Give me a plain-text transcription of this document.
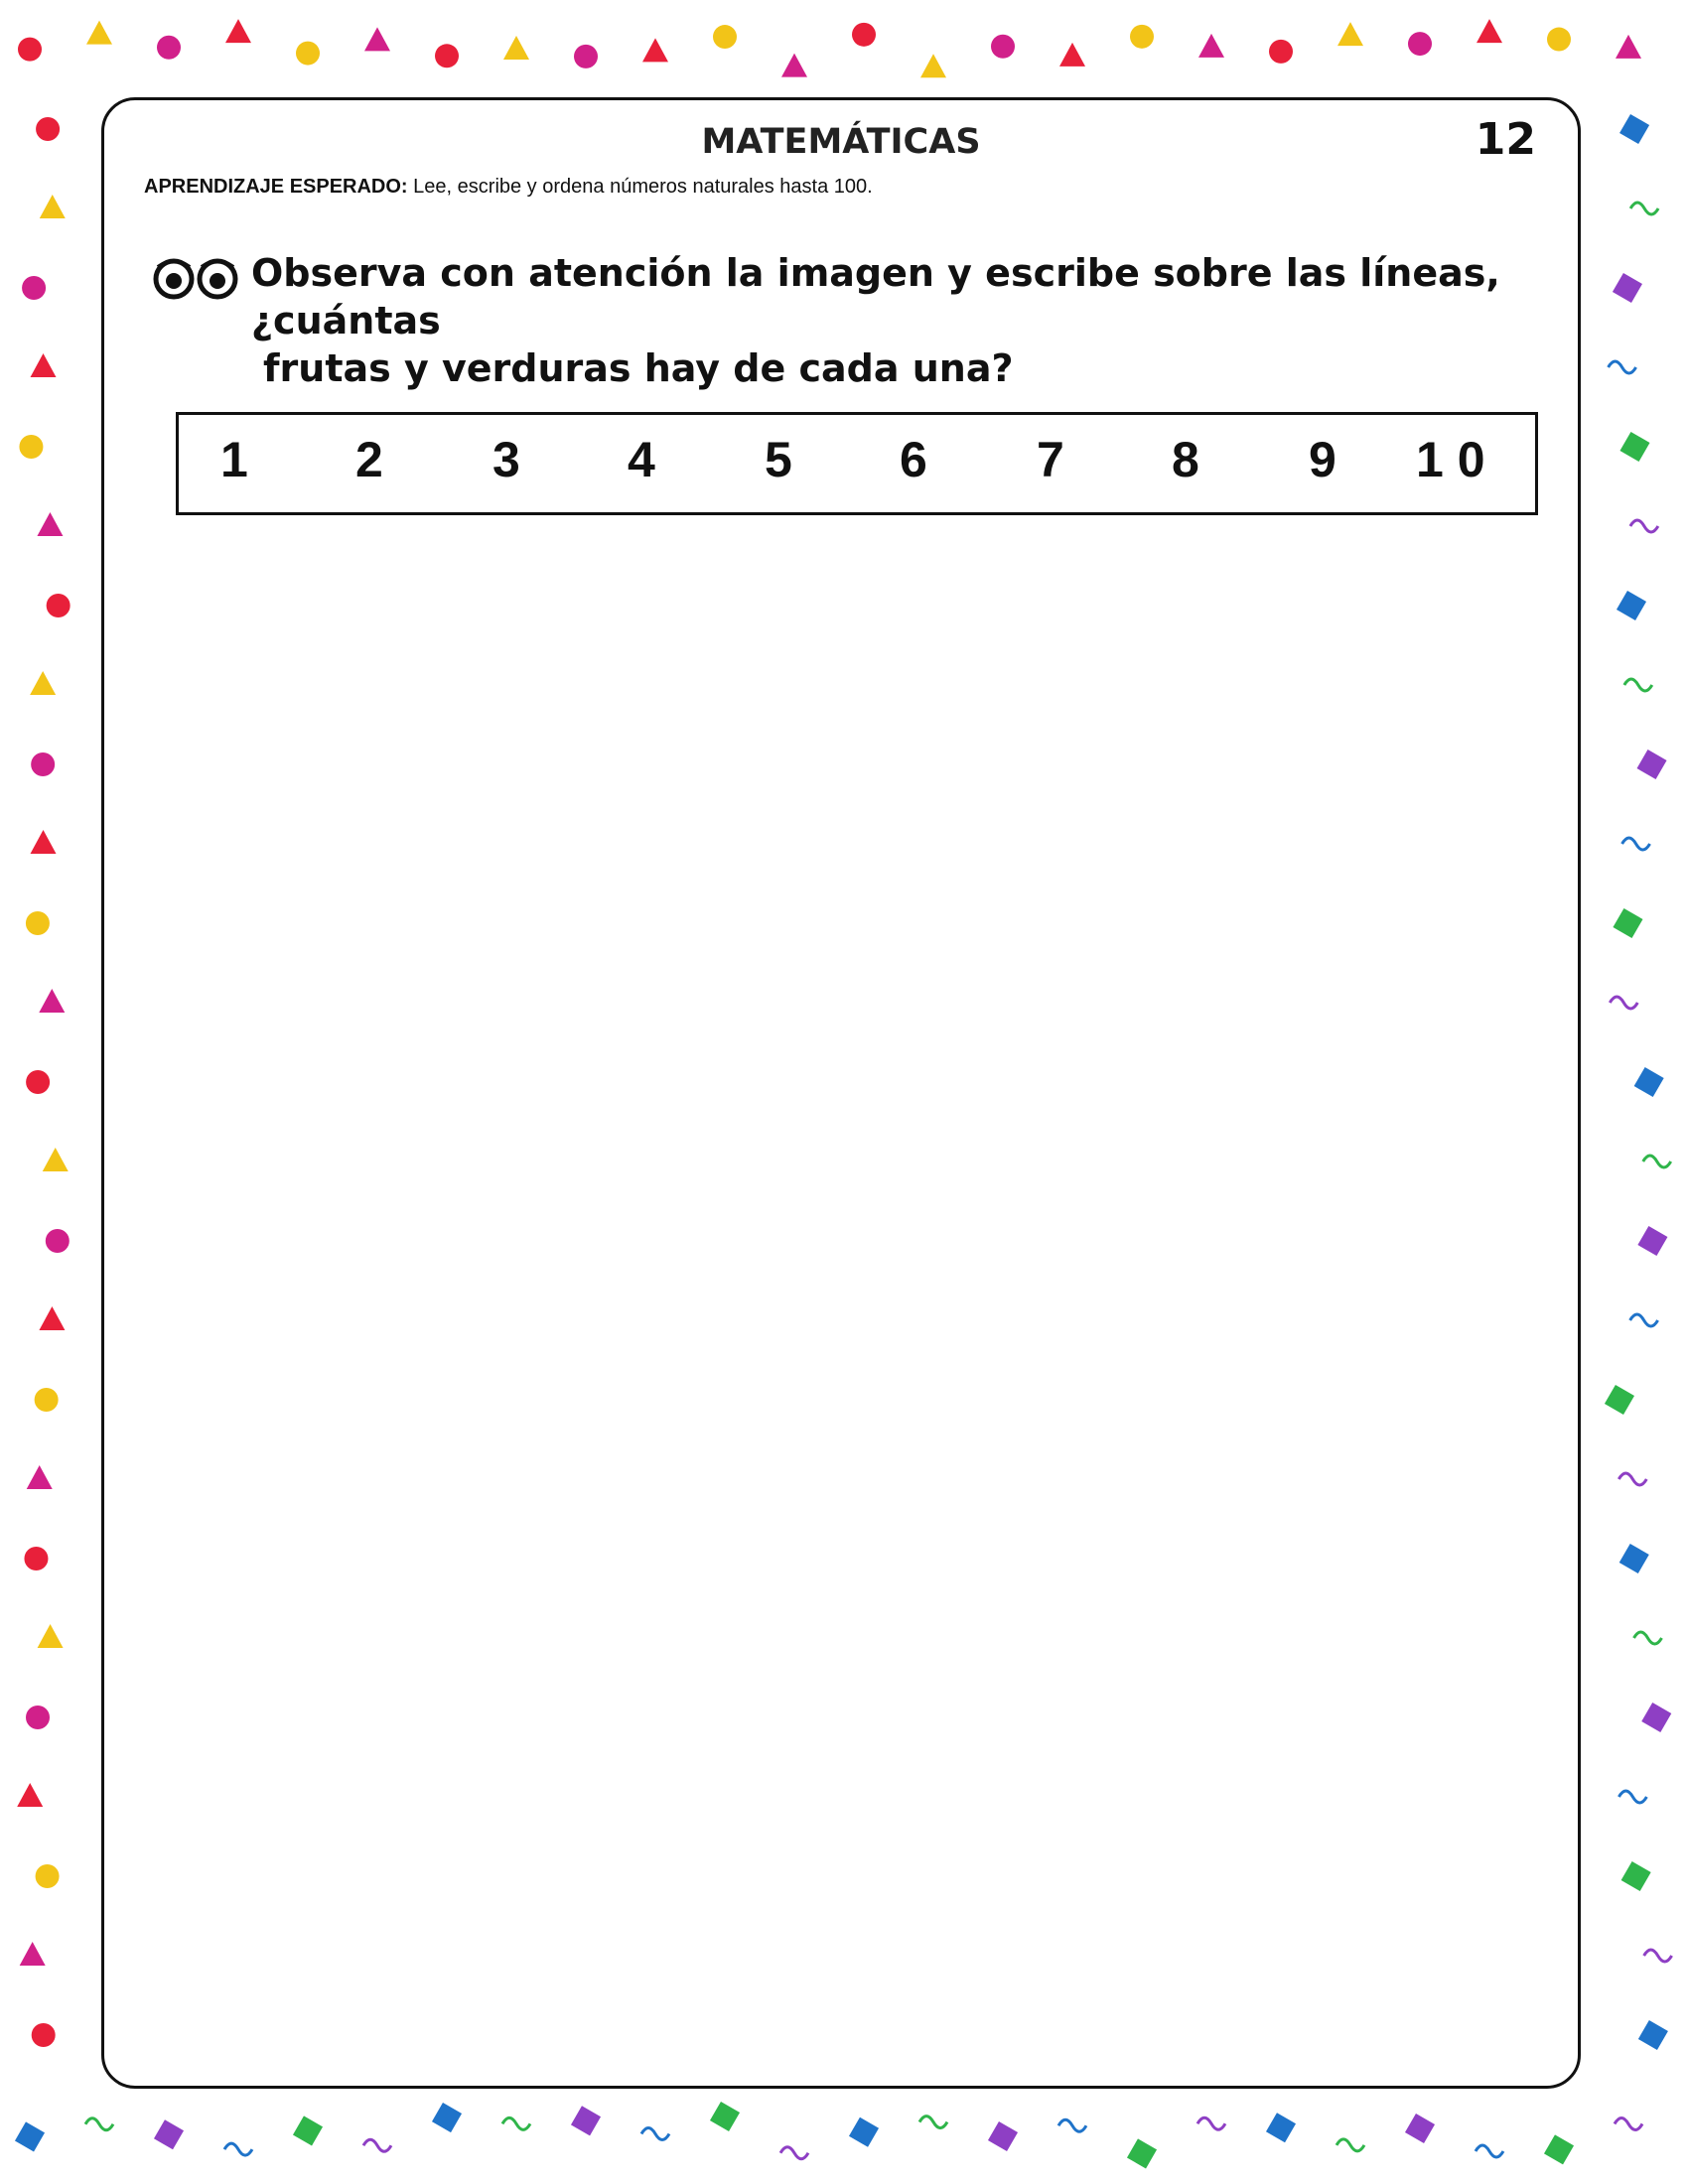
MATEMÁTICAS	12
APRENDIZAJE ESPERADO: Lee, escribe y ordena números naturales hasta 100.
Observa con atención la imagen y escribe sobre las líneas, ¿cuántas
frutas y verduras hay de cada una?
1 2 3 4 5 6 7 8 9 1 0
